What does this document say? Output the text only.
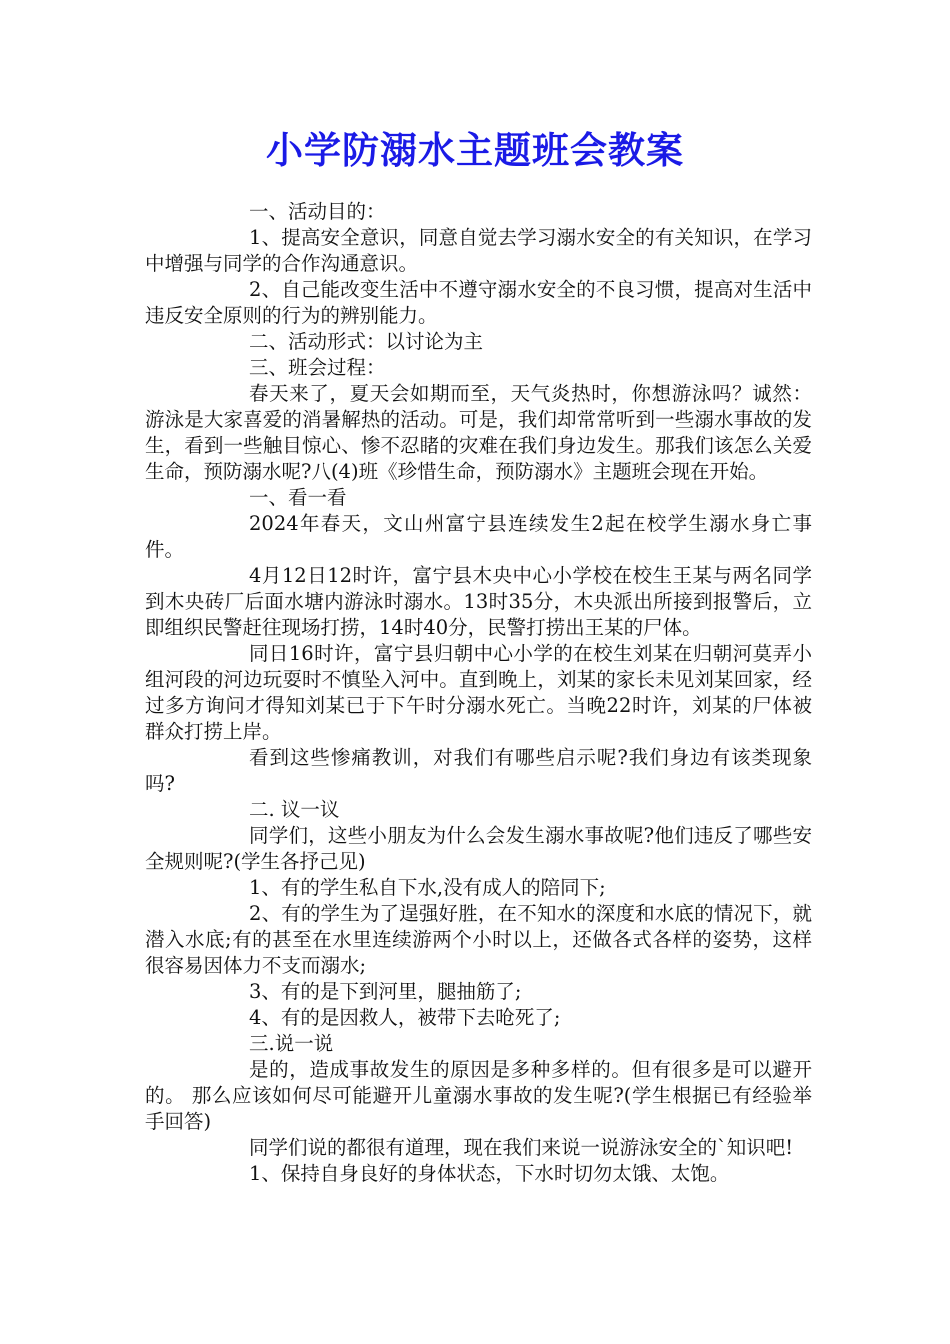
小学防溺水主题班会教案

一、活动目的：

1、提高安全意识，同意自觉去学习溺水安全的有关知识，在学习中增强与同学的合作沟通意识。

2、自己能改变生活中不遵守溺水安全的不良习惯，提高对生活中违反安全原则的行为的辨别能力。

二、活动形式：以讨论为主

三、班会过程：

春天来了，夏天会如期而至，天气炎热时，你想游泳吗？诚然：游泳是大家喜爱的消暑解热的活动。可是，我们却常常听到一些溺水事故的发生，看到一些触目惊心、惨不忍睹的灾难在我们身边发生。那我们该怎么关爱生命，预防溺水呢?八(4)班《珍惜生命，预防溺水》主题班会现在开始。

一、看一看

2024年春天，文山州富宁县连续发生2起在校学生溺水身亡事件。

4月12日12时许，富宁县木央中心小学校在校生王某与两名同学到木央砖厂后面水塘内游泳时溺水。13时35分，木央派出所接到报警后，立即组织民警赶往现场打捞，14时40分，民警打捞出王某的尸体。

同日16时许，富宁县归朝中心小学的在校生刘某在归朝河莫弄小组河段的河边玩耍时不慎坠入河中。直到晚上，刘某的家长未见刘某回家，经过多方询问才得知刘某已于下午时分溺水死亡。当晚22时许，刘某的尸体被群众打捞上岸。

看到这些惨痛教训，对我们有哪些启示呢?我们身边有该类现象吗?

二. 议一议

同学们，这些小朋友为什么会发生溺水事故呢?他们违反了哪些安全规则呢?(学生各抒己见)

1、有的学生私自下水,没有成人的陪同下;

2、有的学生为了逞强好胜，在不知水的深度和水底的情况下，就潜入水底;有的甚至在水里连续游两个小时以上，还做各式各样的姿势，这样很容易因体力不支而溺水;

3、有的是下到河里，腿抽筋了;

4、有的是因救人，被带下去呛死了;

三.说一说

是的，造成事故发生的原因是多种多样的。但有很多是可以避开的。 那么应该如何尽可能避开儿童溺水事故的发生呢?(学生根据已有经验举手回答)

同学们说的都很有道理，现在我们来说一说游泳安全的`知识吧!

1、保持自身良好的身体状态，下水时切勿太饿、太饱。
